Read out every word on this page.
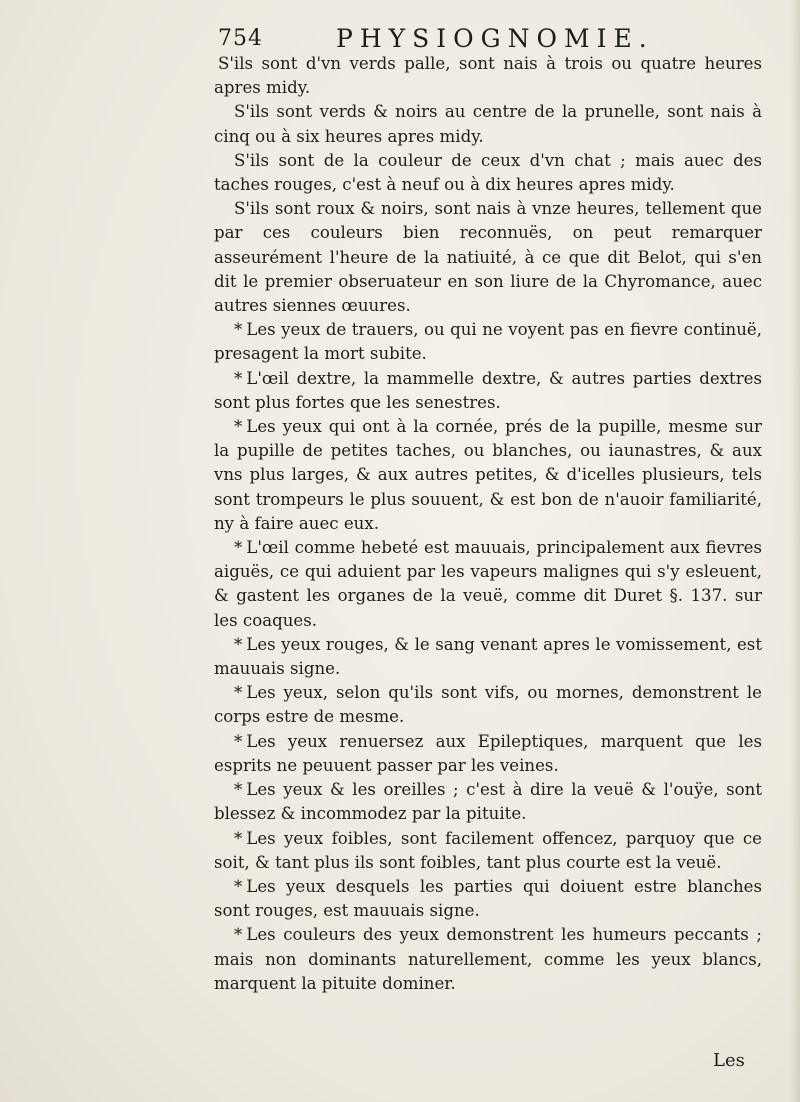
754	PHYSIOGNOMIE.

S'ils sont d'vn verds palle, sont nais à trois ou quatre heures apres midy.

S'ils sont verds & noirs au centre de la prunelle, sont nais à cinq ou à six heures apres midy.

S'ils sont de la couleur de ceux d'vn chat ; mais auec des taches rouges, c'est à neuf ou à dix heures apres midy.

S'ils sont roux & noirs, sont nais à vnze heures, tellement que par ces couleurs bien reconnuës, on peut remarquer asseurément l'heure de la natiuité, à ce que dit Belot, qui s'en dit le premier obseruateur en son liure de la Chyromance, auec autres siennes œuures.

* Les yeux de trauers, ou qui ne voyent pas en fievre continuë, presagent la mort subite.

* L'œil dextre, la mammelle dextre, & autres parties dextres sont plus fortes que les senestres.

* Les yeux qui ont à la cornée, prés de la pupille, mesme sur la pupille de petites taches, ou blanches, ou iaunastres, & aux vns plus larges, & aux autres petites, & d'icelles plusieurs, tels sont trompeurs le plus souuent, & est bon de n'auoir familiarité, ny à faire auec eux.

* L'œil comme hebeté est mauuais, principalement aux fievres aiguës, ce qui aduient par les vapeurs malignes qui s'y esleuent, & gastent les organes de la veuë, comme dit Duret §. 137. sur les coaques.

* Les yeux rouges, & le sang venant apres le vomissement, est mauuais signe.

* Les yeux, selon qu'ils sont vifs, ou mornes, demonstrent le corps estre de mesme.

* Les yeux renuersez aux Epileptiques, marquent que les esprits ne peuuent passer par les veines.

* Les yeux & les oreilles ; c'est à dire la veuë & l'ouÿe, sont blessez & incommodez par la pituite.

* Les yeux foibles, sont facilement offencez, parquoy que ce soit, & tant plus ils sont foibles, tant plus courte est la veuë.

* Les yeux desquels les parties qui doiuent estre blanches sont rouges, est mauuais signe.

* Les couleurs des yeux demonstrent les humeurs peccants ; mais non dominants naturellement, comme les yeux blancs, marquent la pituite dominer.

Les
